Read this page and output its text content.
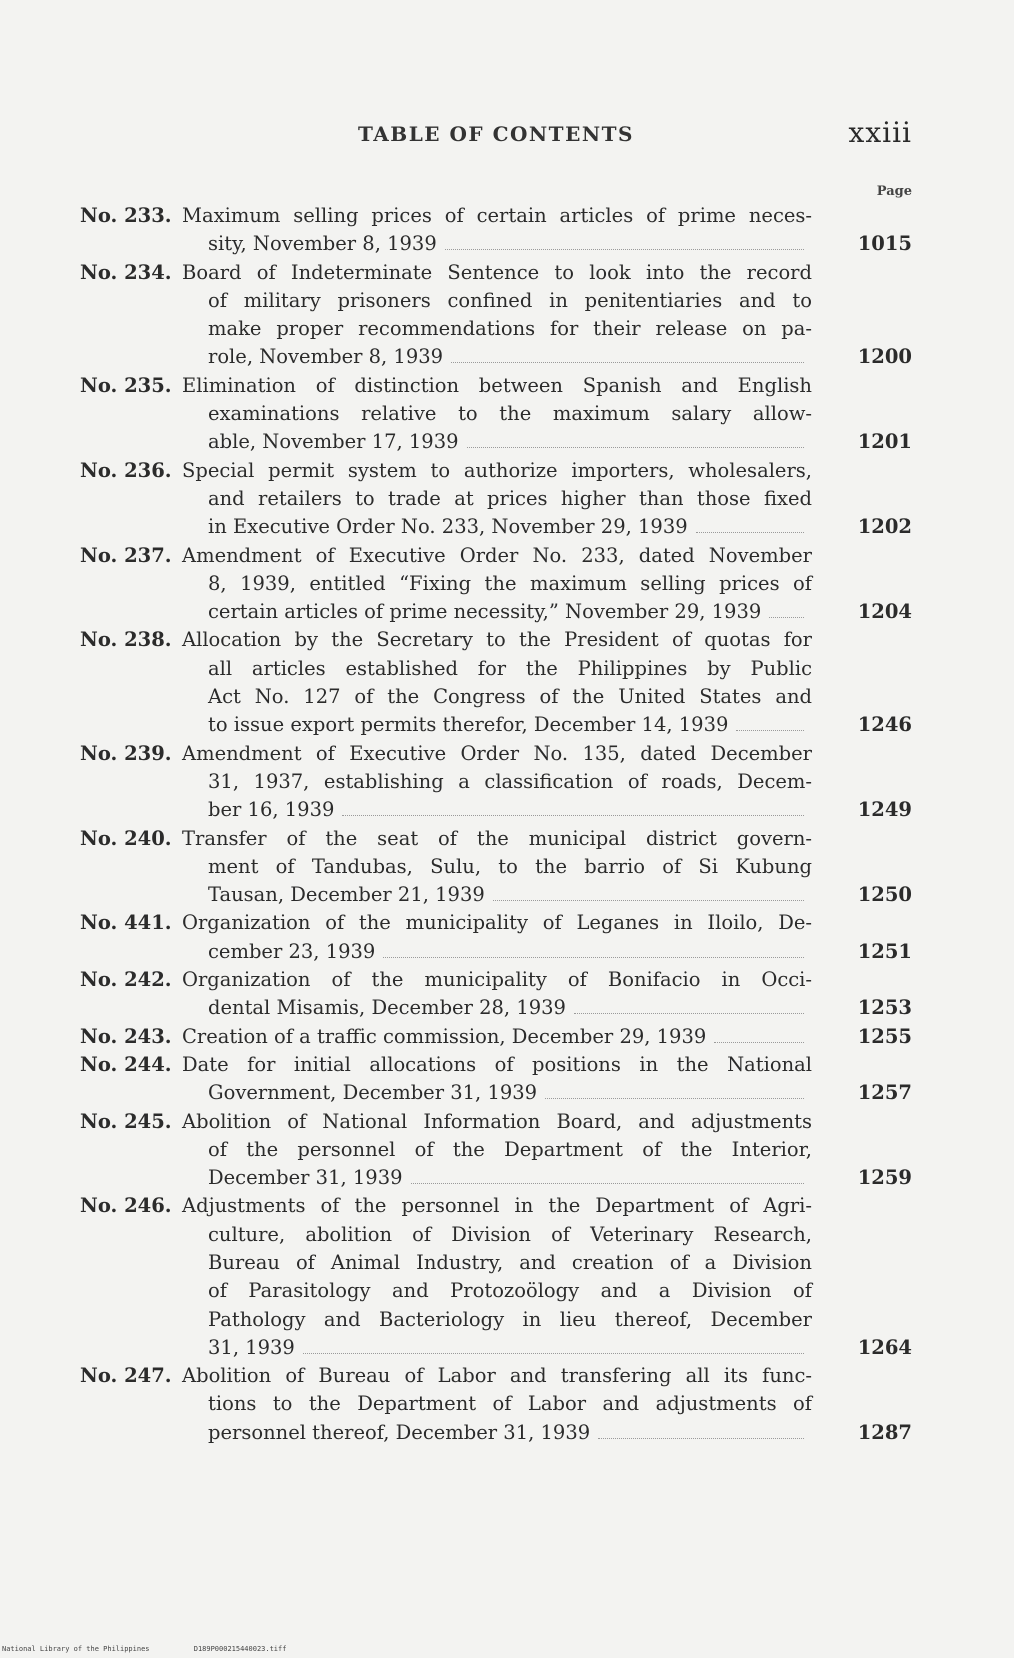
TABLE OF CONTENTS	xxiii
Page
No. 233. Maximum selling prices of certain articles of prime neces-
sity, November 8, 1939	1015
No. 234. Board of Indeterminate Sentence to look into the record
of military prisoners confined in penitentiaries and to
make proper recommendations for their release on pa-
role, November 8, 1939	1200
No. 235. Elimination of distinction between Spanish and English
examinations relative to the maximum salary allow-
able, November 17, 1939	1201
No. 236. Special permit system to authorize importers, wholesalers,
and retailers to trade at prices higher than those fixed
in Executive Order No. 233, November 29, 1939	1202
No. 237. Amendment of Executive Order No. 233, dated November
8, 1939, entitled “Fixing the maximum selling prices of
certain articles of prime necessity,” November 29, 1939	1204
No. 238. Allocation by the Secretary to the President of quotas for
all articles established for the Philippines by Public
Act No. 127 of the Congress of the United States and
to issue export permits therefor, December 14, 1939	1246
No. 239. Amendment of Executive Order No. 135, dated December
31, 1937, establishing a classification of roads, Decem-
ber 16, 1939	1249
No. 240. Transfer of the seat of the municipal district govern-
ment of Tandubas, Sulu, to the barrio of Si Kubung
Tausan, December 21, 1939	1250
No. 441. Organization of the municipality of Leganes in Iloilo, De-
cember 23, 1939	1251
No. 242. Organization of the municipality of Bonifacio in Occi-
dental Misamis, December 28, 1939	1253
No. 243. Creation of a traffic commission, December 29, 1939	1255
No. 244. Date for initial allocations of positions in the National
Government, December 31, 1939	1257
No. 245. Abolition of National Information Board, and adjustments
of the personnel of the Department of the Interior,
December 31, 1939	1259
No. 246. Adjustments of the personnel in the Department of Agri-
culture, abolition of Division of Veterinary Research,
Bureau of Animal Industry, and creation of a Division
of Parasitology and Protozoölogy and a Division of
Pathology and Bacteriology in lieu thereof, December
31, 1939	1264
No. 247. Abolition of Bureau of Labor and transfering all its func-
tions to the Department of Labor and adjustments of
personnel thereof, December 31, 1939	1287
National Library of the Philippines	D189P000215440023.tiff
